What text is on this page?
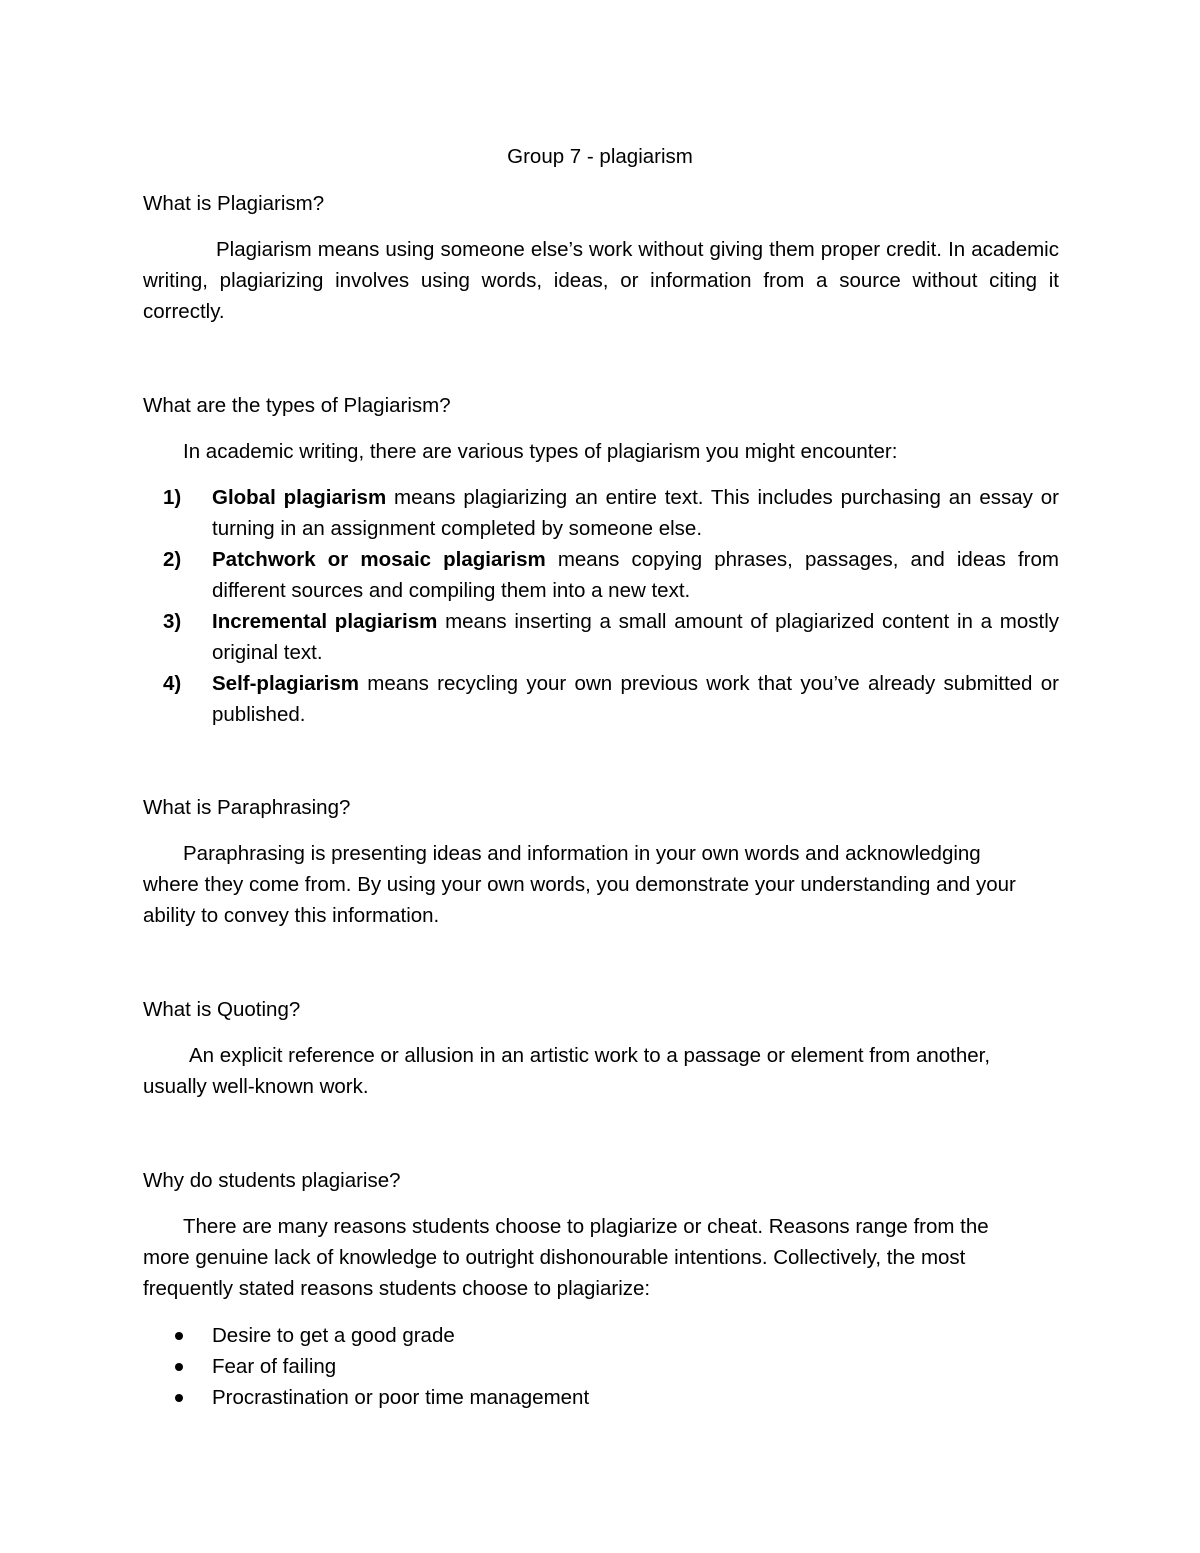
Group 7 - plagiarism
What is Plagiarism?

Plagiarism means using someone else’s work without giving them proper credit. In academic writing, plagiarizing involves using words, ideas, or information from a source without citing it correctly.

What are the types of Plagiarism?

In academic writing, there are various types of plagiarism you might encounter:

1) Global plagiarism means plagiarizing an entire text. This includes purchasing an essay or turning in an assignment completed by someone else.
2) Patchwork or mosaic plagiarism means copying phrases, passages, and ideas from different sources and compiling them into a new text.
3) Incremental plagiarism means inserting a small amount of plagiarized content in a mostly original text.
4) Self-plagiarism means recycling your own previous work that you’ve already submitted or published.
What is Paraphrasing?

Paraphrasing is presenting ideas and information in your own words and acknowledging where they come from. By using your own words, you demonstrate your understanding and your ability to convey this information.

What is Quoting?

An explicit reference or allusion in an artistic work to a passage or element from another, usually well-known work.

Why do students plagiarise?

There are many reasons students choose to plagiarize or cheat. Reasons range from the more genuine lack of knowledge to outright dishonourable intentions. Collectively, the most frequently stated reasons students choose to plagiarize:

Desire to get a good grade
Fear of failing
Procrastination or poor time management
